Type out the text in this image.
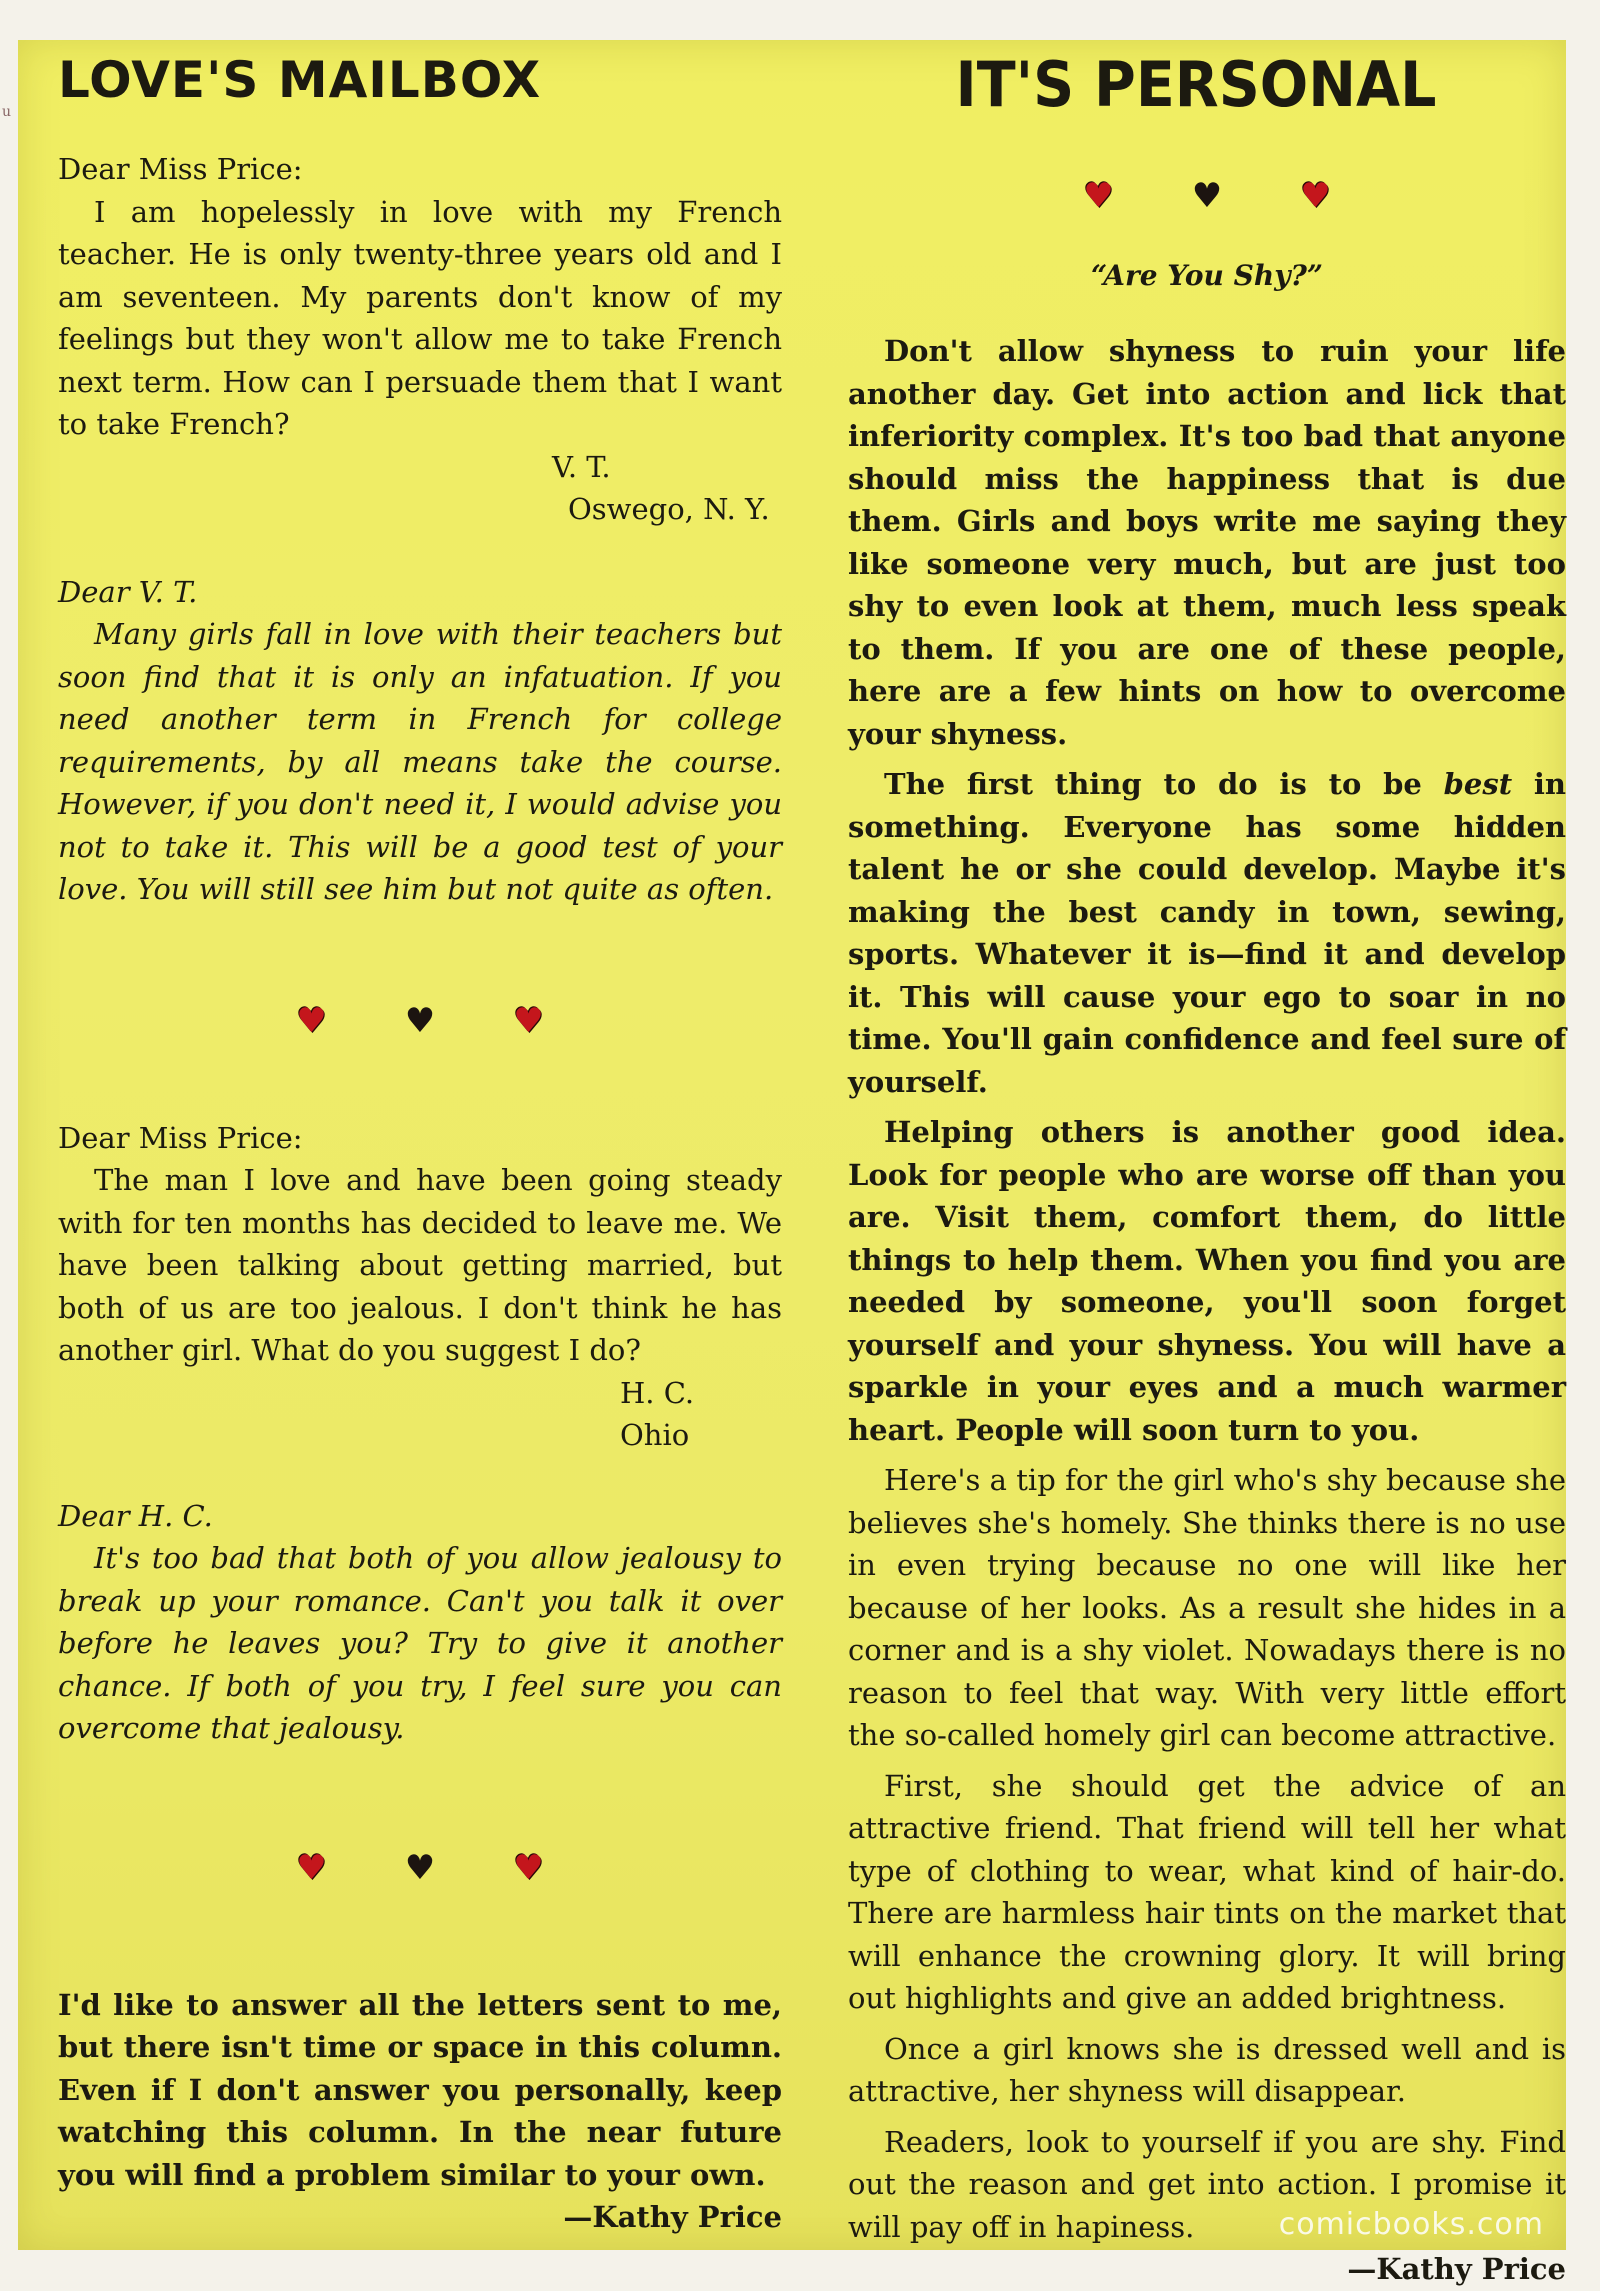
u
LOVE'S MAILBOX

Dear Miss Price:

I am hopelessly in love with my French teacher. He is only twenty-three years old and I am seventeen. My parents don't know of my feelings but they won't allow me to take French next term. How can I persuade them that I want to take French?

V. T.

Oswego, N. Y.

Dear V. T.

Many girls fall in love with their teachers but soon find that it is only an infatuation. If you need another term in French for college requirements, by all means take the course. However, if you don't need it, I would advise you not to take it. This will be a good test of your love. You will still see him but not quite as often.

♥ ♥ ♥

Dear Miss Price:

The man I love and have been going steady with for ten months has decided to leave me. We have been talking about getting married, but both of us are too jealous. I don't think he has another girl. What do you suggest I do?

H. C.

Ohio

Dear H. C.

It's too bad that both of you allow jealousy to break up your romance. Can't you talk it over before he leaves you? Try to give it another chance. If both of you try, I feel sure you can overcome that jealousy.

♥ ♥ ♥

I'd like to answer all the letters sent to me, but there isn't time or space in this column. Even if I don't answer you personally, keep watching this column. In the near future you will find a problem similar to your own.

—Kathy Price

IT'S PERSONAL
♥ ♥ ♥
“Are You Shy?”

Don't allow shyness to ruin your life another day. Get into action and lick that inferiority complex. It's too bad that anyone should miss the happiness that is due them. Girls and boys write me saying they like someone very much, but are just too shy to even look at them, much less speak to them. If you are one of these people, here are a few hints on how to overcome your shyness.

The first thing to do is to be best in something. Everyone has some hidden talent he or she could develop. Maybe it's making the best candy in town, sewing, sports. Whatever it is—find it and develop it. This will cause your ego to soar in no time. You'll gain confidence and feel sure of yourself.

Helping others is another good idea. Look for people who are worse off than you are. Visit them, comfort them, do little things to help them. When you find you are needed by someone, you'll soon forget yourself and your shyness. You will have a sparkle in your eyes and a much warmer heart. People will soon turn to you.

Here's a tip for the girl who's shy because she believes she's homely. She thinks there is no use in even trying because no one will like her because of her looks. As a result she hides in a corner and is a shy violet. Nowadays there is no reason to feel that way. With very little effort the so-called homely girl can become attractive.

First, she should get the advice of an attractive friend. That friend will tell her what type of clothing to wear, what kind of hair-do. There are harmless hair tints on the market that will enhance the crowning glory. It will bring out highlights and give an added brightness.

Once a girl knows she is dressed well and is attractive, her shyness will disappear.

Readers, look to yourself if you are shy. Find out the reason and get into action. I promise it will pay off in hapiness.

—Kathy Price

comicbooks.com
